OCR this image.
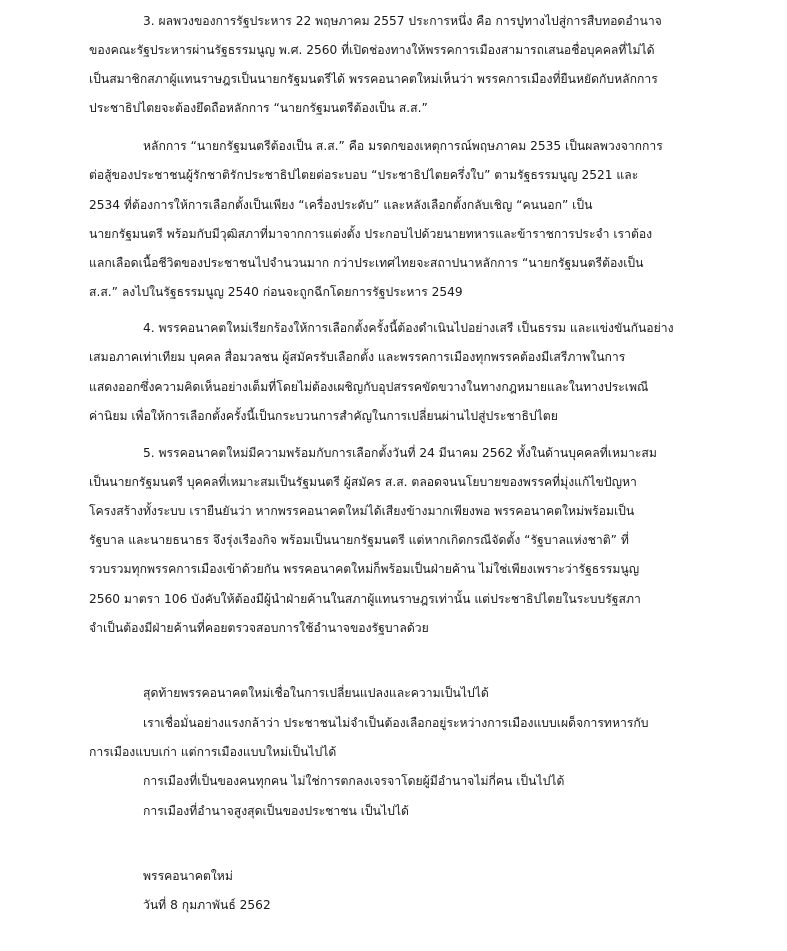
3. ผลพวงของการรัฐประหาร 22 พฤษภาคม 2557 ประการหนึ่ง คือ การปูทางไปสู่การสืบทอดอำนาจ
ของคณะรัฐประหารผ่านรัฐธรรมนูญ พ.ศ. 2560 ที่เปิดช่องทางให้พรรคการเมืองสามารถเสนอชื่อบุคคลที่ไม่ได้
เป็นสมาชิกสภาผู้แทนราษฎรเป็นนายกรัฐมนตรีได้ พรรคอนาคตใหม่เห็นว่า พรรคการเมืองที่ยืนหยัดกับหลักการ
ประชาธิปไตยจะต้องยึดถือหลักการ “นายกรัฐมนตรีต้องเป็น ส.ส.”
หลักการ “นายกรัฐมนตรีต้องเป็น ส.ส.” คือ มรดกของเหตุการณ์พฤษภาคม 2535 เป็นผลพวงจากการ
ต่อสู้ของประชาชนผู้รักชาติรักประชาธิปไตยต่อระบอบ “ประชาธิปไตยครึ่งใบ” ตามรัฐธรรมนูญ 2521 และ
2534 ที่ต้องการให้การเลือกตั้งเป็นเพียง “เครื่องประดับ” และหลังเลือกตั้งกลับเชิญ “คนนอก” เป็น
นายกรัฐมนตรี พร้อมกับมีวุฒิสภาที่มาจากการแต่งตั้ง ประกอบไปด้วยนายทหารและข้าราชการประจำ เราต้อง
แลกเลือดเนื้อชีวิตของประชาชนไปจำนวนมาก กว่าประเทศไทยจะสถาปนาหลักการ “นายกรัฐมนตรีต้องเป็น
ส.ส.” ลงไปในรัฐธรรมนูญ 2540 ก่อนจะถูกฉีกโดยการรัฐประหาร 2549
4. พรรคอนาคตใหม่เรียกร้องให้การเลือกตั้งครั้งนี้ต้องดำเนินไปอย่างเสรี เป็นธรรม และแข่งขันกันอย่าง
เสมอภาคเท่าเทียม บุคคล สื่อมวลชน ผู้สมัครรับเลือกตั้ง และพรรคการเมืองทุกพรรคต้องมีเสรีภาพในการ
แสดงออกซึ่งความคิดเห็นอย่างเต็มที่โดยไม่ต้องเผชิญกับอุปสรรคขัดขวางในทางกฎหมายและในทางประเพณี
ค่านิยม เพื่อให้การเลือกตั้งครั้งนี้เป็นกระบวนการสำคัญในการเปลี่ยนผ่านไปสู่ประชาธิปไตย
5. พรรคอนาคตใหม่มีความพร้อมกับการเลือกตั้งวันที่ 24 มีนาคม 2562 ทั้งในด้านบุคคลที่เหมาะสม
เป็นนายกรัฐมนตรี บุคคลที่เหมาะสมเป็นรัฐมนตรี ผู้สมัคร ส.ส. ตลอดจนนโยบายของพรรคที่มุ่งแก้ไขปัญหา
โครงสร้างทั้งระบบ เรายืนยันว่า หากพรรคอนาคตใหม่ได้เสียงข้างมากเพียงพอ พรรคอนาคตใหม่พร้อมเป็น
รัฐบาล และนายธนาธร จึงรุ่งเรืองกิจ พร้อมเป็นนายกรัฐมนตรี แต่หากเกิดกรณีจัดตั้ง “รัฐบาลแห่งชาติ” ที่
รวบรวมทุกพรรคการเมืองเข้าด้วยกัน พรรคอนาคตใหม่ก็พร้อมเป็นฝ่ายค้าน ไม่ใช่เพียงเพราะว่ารัฐธรรมนูญ
2560 มาตรา 106 บังคับให้ต้องมีผู้นำฝ่ายค้านในสภาผู้แทนราษฎรเท่านั้น แต่ประชาธิปไตยในระบบรัฐสภา
จำเป็นต้องมีฝ่ายค้านที่คอยตรวจสอบการใช้อำนาจของรัฐบาลด้วย
สุดท้ายพรรคอนาคตใหม่เชื่อในการเปลี่ยนแปลงและความเป็นไปได้
เราเชื่อมั่นอย่างแรงกล้าว่า ประชาชนไม่จำเป็นต้องเลือกอยู่ระหว่างการเมืองแบบเผด็จการทหารกับ
การเมืองแบบเก่า แต่การเมืองแบบใหม่เป็นไปได้
การเมืองที่เป็นของคนทุกคน ไม่ใช่การตกลงเจรจาโดยผู้มีอำนาจไม่กี่คน เป็นไปได้
การเมืองที่อำนาจสูงสุดเป็นของประชาชน เป็นไปได้
พรรคอนาคตใหม่
วันที่ 8 กุมภาพันธ์ 2562
